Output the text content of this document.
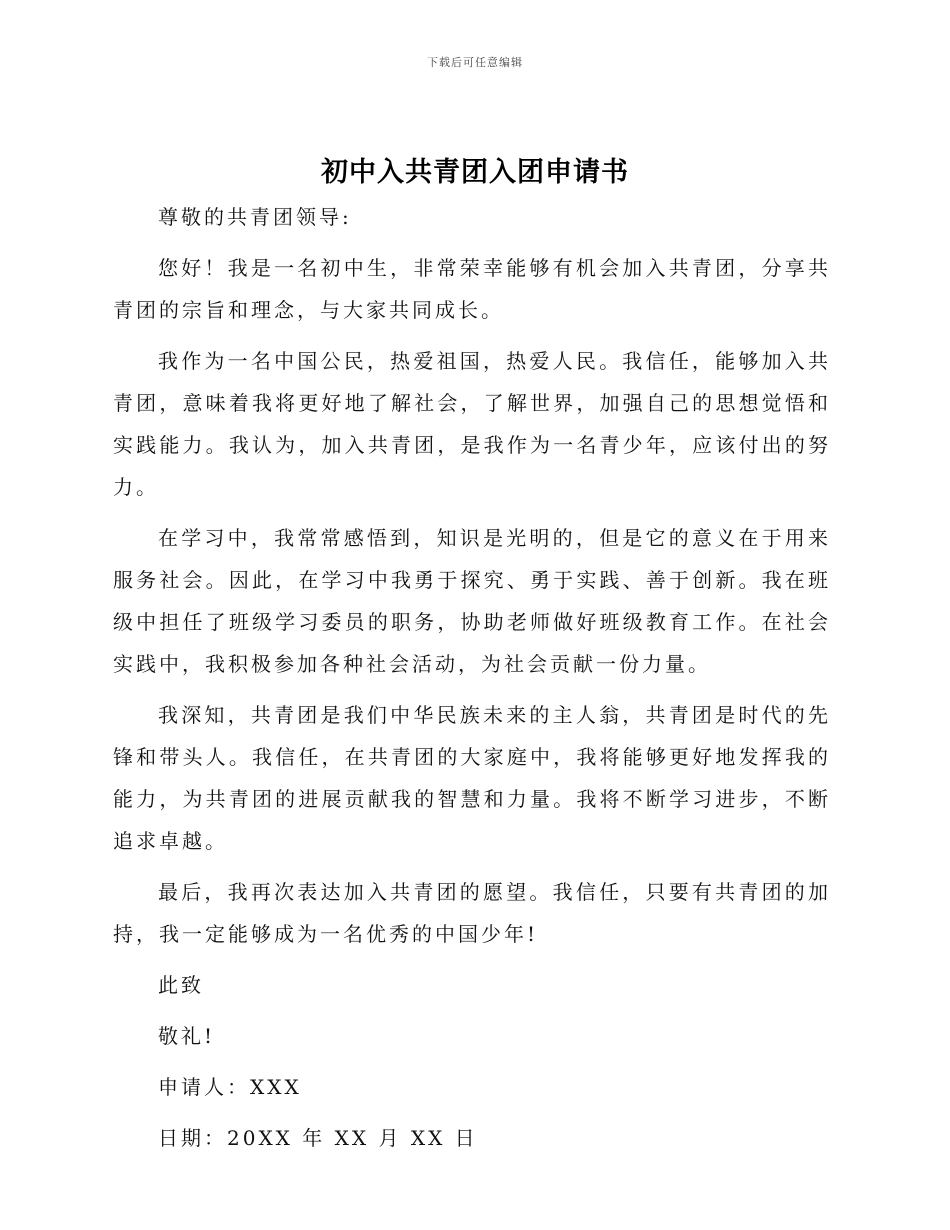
下载后可任意编辑
初中入共青团入团申请书

尊敬的共青团领导:

您好！我是一名初中生，非常荣幸能够有机会加入共青团，分享共青团的宗旨和理念，与大家共同成长。

我作为一名中国公民，热爱祖国，热爱人民。我信任，能够加入共青团，意味着我将更好地了解社会，了解世界，加强自己的思想觉悟和实践能力。我认为，加入共青团，是我作为一名青少年，应该付出的努力。

在学习中，我常常感悟到，知识是光明的，但是它的意义在于用来服务社会。因此，在学习中我勇于探究、勇于实践、善于创新。我在班级中担任了班级学习委员的职务，协助老师做好班级教育工作。在社会实践中，我积极参加各种社会活动，为社会贡献一份力量。

我深知，共青团是我们中华民族未来的主人翁，共青团是时代的先锋和带头人。我信任，在共青团的大家庭中，我将能够更好地发挥我的能力，为共青团的进展贡献我的智慧和力量。我将不断学习进步，不断追求卓越。

最后，我再次表达加入共青团的愿望。我信任，只要有共青团的加持，我一定能够成为一名优秀的中国少年!

此致

敬礼!

申请人：XXX

日期：20XX 年 XX 月 XX 日
